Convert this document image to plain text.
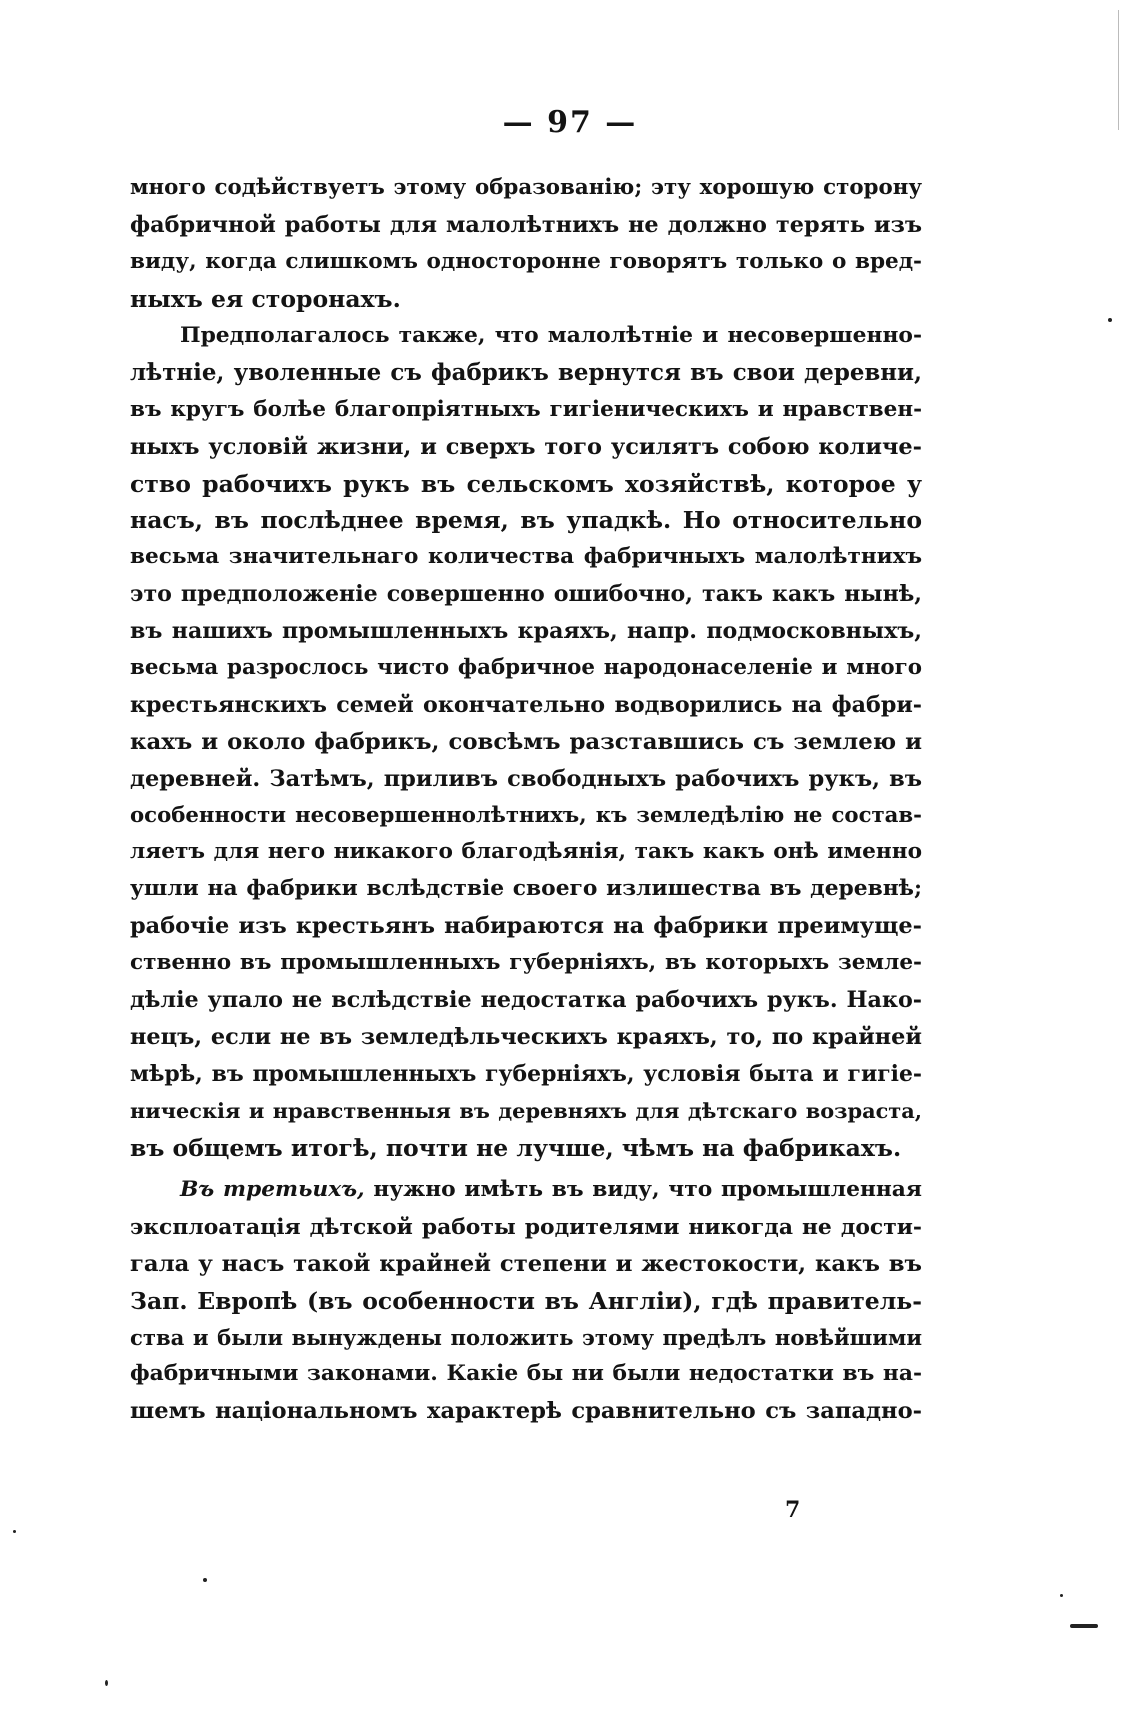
— 97 —
много содѣйствуетъ этому образованію; эту хорошую сторону
фабричной работы для малолѣтнихъ не должно терять изъ
виду, когда слишкомъ односторонне говорятъ только о вред-
ныхъ ея сторонахъ.
Предполагалось также, что малолѣтніе и несовершенно-
лѣтніе, уволенные съ фабрикъ вернутся въ свои деревни,
въ кругъ болѣе благопріятныхъ гигіеническихъ и нравствен-
ныхъ условій жизни, и сверхъ того усилятъ собою количе-
ство рабочихъ рукъ въ сельскомъ хозяйствѣ, которое у
насъ, въ послѣднее время, въ упадкѣ. Но относительно
весьма значительнаго количества фабричныхъ малолѣтнихъ
это предположеніе совершенно ошибочно, такъ какъ нынѣ,
въ нашихъ промышленныхъ краяхъ, напр. подмосковныхъ,
весьма разрослось чисто фабричное народонаселеніе и много
крестьянскихъ семей окончательно водворились на фабри-
кахъ и около фабрикъ, совсѣмъ разставшись съ землею и
деревней. Затѣмъ, приливъ свободныхъ рабочихъ рукъ, въ
особенности несовершеннолѣтнихъ, къ земледѣлію не состав-
ляетъ для него никакого благодѣянія, такъ какъ онѣ именно
ушли на фабрики вслѣдствіе своего излишества въ деревнѣ;
рабочіе изъ крестьянъ набираются на фабрики преимуще-
ственно въ промышленныхъ губерніяхъ, въ которыхъ земле-
дѣліе упало не вслѣдствіе недостатка рабочихъ рукъ. Нако-
нецъ, если не въ земледѣльческихъ краяхъ, то, по крайней
мѣрѣ, въ промышленныхъ губерніяхъ, условія быта и гигіе-
ническія и нравственныя въ деревняхъ для дѣтскаго возраста,
въ общемъ итогѣ, почти не лучше, чѣмъ на фабрикахъ.
Въ третьихъ, нужно имѣть въ виду, что промышленная
эксплоатація дѣтской работы родителями никогда не дости-
гала у насъ такой крайней степени и жестокости, какъ въ
Зап. Европѣ (въ особенности въ Англіи), гдѣ правитель-
ства и были вынуждены положить этому предѣлъ новѣйшими
фабричными законами. Какіе бы ни были недостатки въ на-
шемъ національномъ характерѣ сравнительно съ западно-
7
